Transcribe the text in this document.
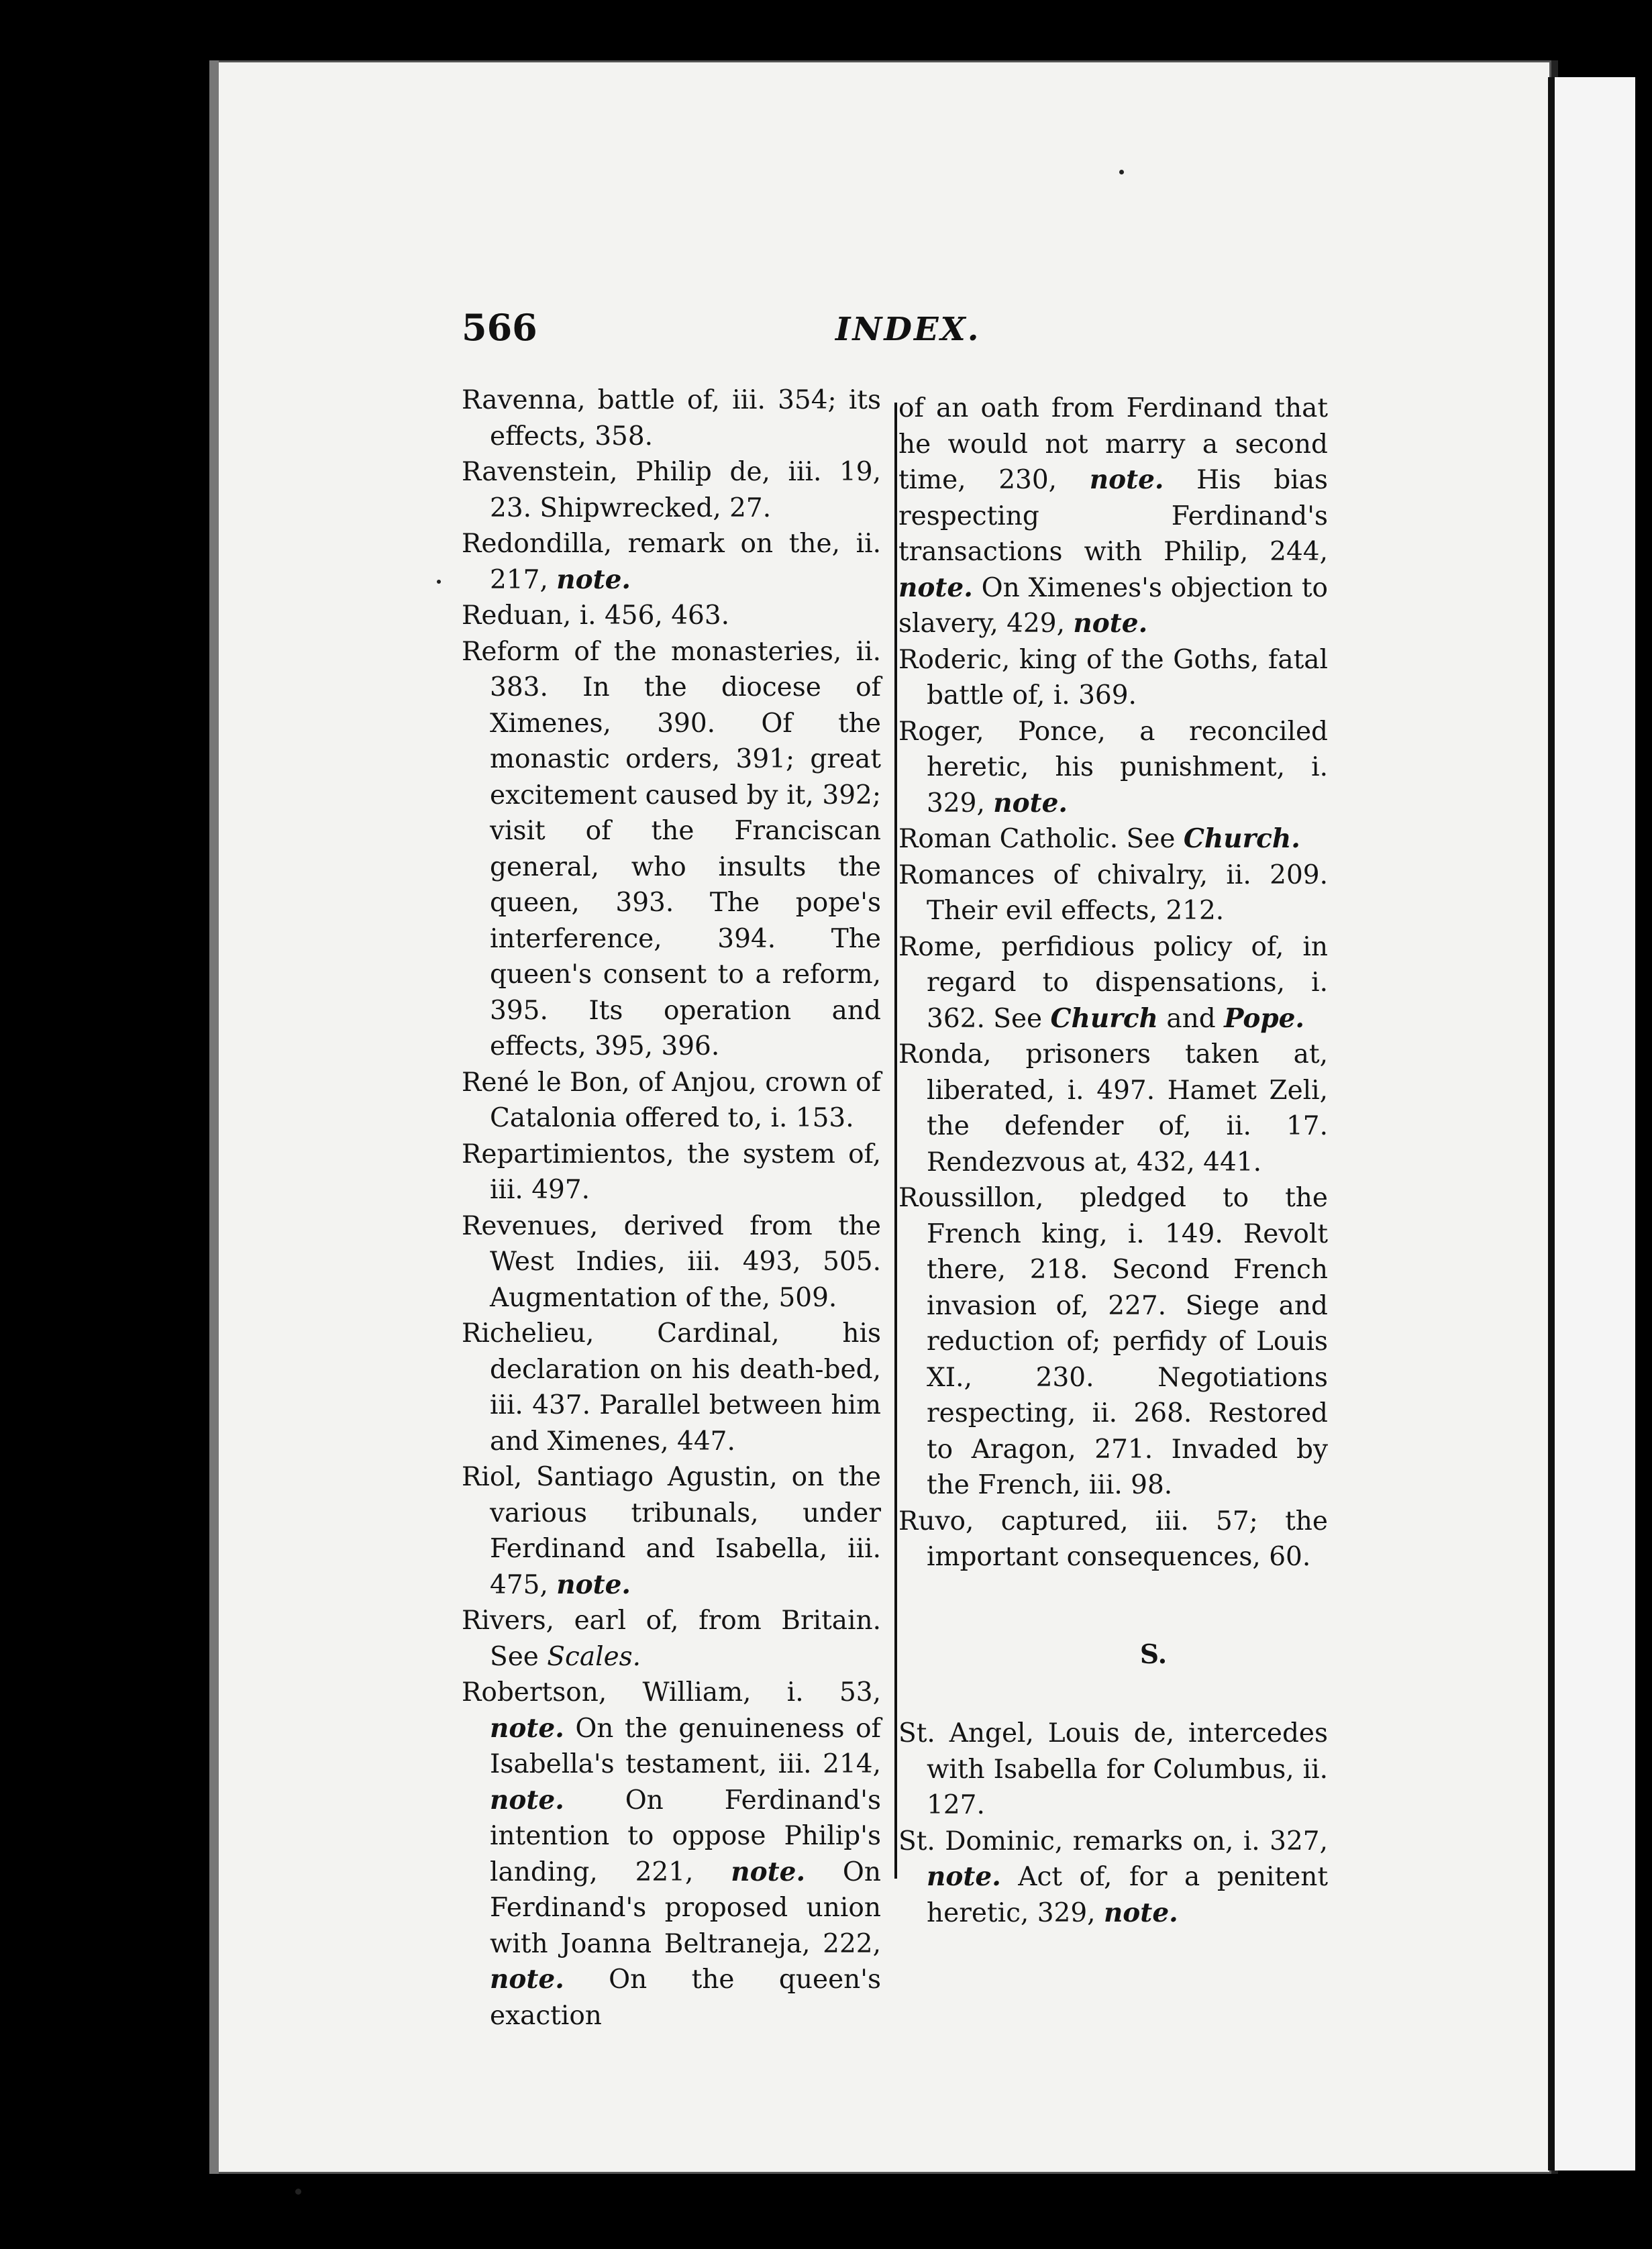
566	INDEX.

Ravenna, battle of, iii. 354; its effects, 358.

Ravenstein, Philip de, iii. 19, 23. Shipwrecked, 27.

Redondilla, remark on the, ii. 217, note.

Reduan, i. 456, 463.

Reform of the monasteries, ii. 383. In the diocese of Ximenes, 390. Of the monastic orders, 391; great excitement caused by it, 392; visit of the Franciscan general, who insults the queen, 393. The pope's interference, 394. The queen's consent to a reform, 395. Its operation and effects, 395, 396.

René le Bon, of Anjou, crown of Catalonia offered to, i. 153.

Repartimientos, the system of, iii. 497.

Revenues, derived from the West Indies, iii. 493, 505. Augmentation of the, 509.

Richelieu, Cardinal, his declaration on his death-bed, iii. 437. Parallel between him and Ximenes, 447.

Riol, Santiago Agustin, on the various tribunals, under Ferdinand and Isabella, iii. 475, note.

Rivers, earl of, from Britain. See Scales.

Robertson, William, i. 53, note. On the genuineness of Isabella's testament, iii. 214, note. On Ferdinand's intention to oppose Philip's landing, 221, note. On Ferdinand's proposed union with Joanna Beltraneja, 222, note. On the queen's exaction

of an oath from Ferdinand that he would not marry a second time, 230, note. His bias respecting Ferdinand's transactions with Philip, 244, note. On Ximenes's objection to slavery, 429, note.

Roderic, king of the Goths, fatal battle of, i. 369.

Roger, Ponce, a reconciled heretic, his punishment, i. 329, note.

Roman Catholic. See Church.

Romances of chivalry, ii. 209. Their evil effects, 212.

Rome, perfidious policy of, in regard to dispensations, i. 362. See Church and Pope.

Ronda, prisoners taken at, liberated, i. 497. Hamet Zeli, the defender of, ii. 17. Rendezvous at, 432, 441.

Roussillon, pledged to the French king, i. 149. Revolt there, 218. Second French invasion of, 227. Siege and reduction of; perfidy of Louis XI., 230. Negotiations respecting, ii. 268. Restored to Aragon, 271. Invaded by the French, iii. 98.

Ruvo, captured, iii. 57; the important consequences, 60.

S.

St. Angel, Louis de, intercedes with Isabella for Columbus, ii. 127.

St. Dominic, remarks on, i. 327, note. Act of, for a penitent heretic, 329, note.
